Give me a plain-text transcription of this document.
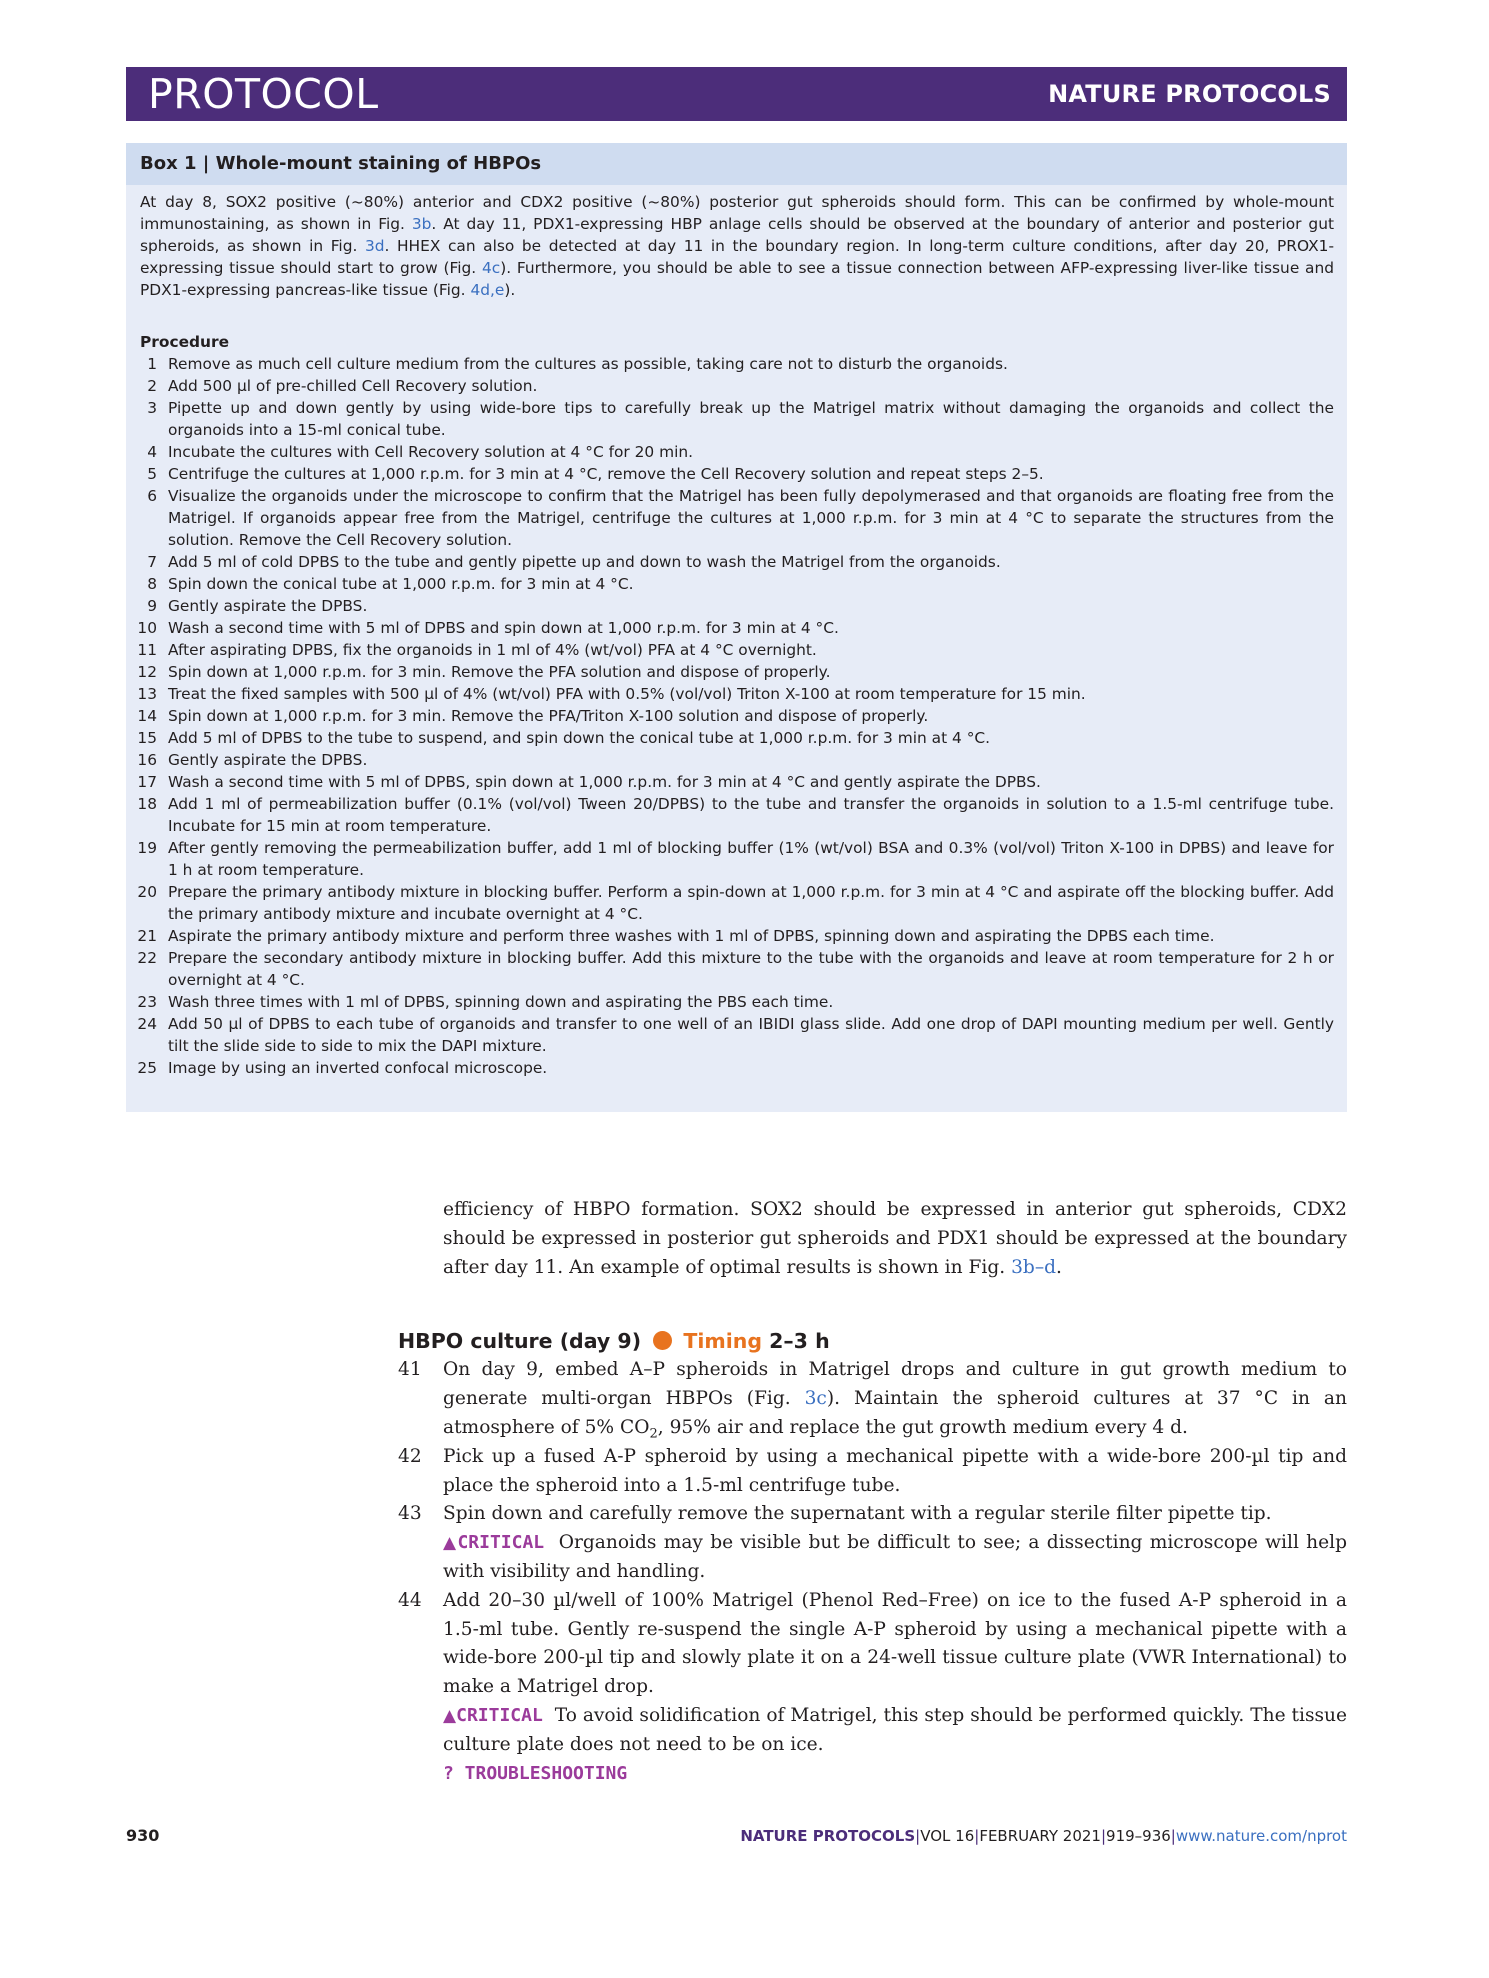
PROTOCOL	NATURE PROTOCOLS
Box 1 | Whole-mount staining of HBPOs
At day 8, SOX2 positive (~80%) anterior and CDX2 positive (~80%) posterior gut spheroids should form. This can be confirmed by whole-mount immunostaining, as shown in Fig. 3b. At day 11, PDX1-expressing HBP anlage cells should be observed at the boundary of anterior and posterior gut spheroids, as shown in Fig. 3d. HHEX can also be detected at day 11 in the boundary region. In long-term culture conditions, after day 20, PROX1-expressing tissue should start to grow (Fig. 4c). Furthermore, you should be able to see a tissue connection between AFP-expressing liver-like tissue and PDX1-expressing pancreas-like tissue (Fig. 4d,e).
Procedure
1 Remove as much cell culture medium from the cultures as possible, taking care not to disturb the organoids.
2 Add 500 µl of pre-chilled Cell Recovery solution.
3 Pipette up and down gently by using wide-bore tips to carefully break up the Matrigel matrix without damaging the organoids and collect the organoids into a 15-ml conical tube.
4 Incubate the cultures with Cell Recovery solution at 4 °C for 20 min.
5 Centrifuge the cultures at 1,000 r.p.m. for 3 min at 4 °C, remove the Cell Recovery solution and repeat steps 2–5.
6 Visualize the organoids under the microscope to confirm that the Matrigel has been fully depolymerased and that organoids are floating free from the Matrigel. If organoids appear free from the Matrigel, centrifuge the cultures at 1,000 r.p.m. for 3 min at 4 °C to separate the structures from the solution. Remove the Cell Recovery solution.
7 Add 5 ml of cold DPBS to the tube and gently pipette up and down to wash the Matrigel from the organoids.
8 Spin down the conical tube at 1,000 r.p.m. for 3 min at 4 °C.
9 Gently aspirate the DPBS.
10 Wash a second time with 5 ml of DPBS and spin down at 1,000 r.p.m. for 3 min at 4 °C.
11 After aspirating DPBS, fix the organoids in 1 ml of 4% (wt/vol) PFA at 4 °C overnight.
12 Spin down at 1,000 r.p.m. for 3 min. Remove the PFA solution and dispose of properly.
13 Treat the fixed samples with 500 µl of 4% (wt/vol) PFA with 0.5% (vol/vol) Triton X-100 at room temperature for 15 min.
14 Spin down at 1,000 r.p.m. for 3 min. Remove the PFA/Triton X-100 solution and dispose of properly.
15 Add 5 ml of DPBS to the tube to suspend, and spin down the conical tube at 1,000 r.p.m. for 3 min at 4 °C.
16 Gently aspirate the DPBS.
17 Wash a second time with 5 ml of DPBS, spin down at 1,000 r.p.m. for 3 min at 4 °C and gently aspirate the DPBS.
18 Add 1 ml of permeabilization buffer (0.1% (vol/vol) Tween 20/DPBS) to the tube and transfer the organoids in solution to a 1.5-ml centrifuge tube. Incubate for 15 min at room temperature.
19 After gently removing the permeabilization buffer, add 1 ml of blocking buffer (1% (wt/vol) BSA and 0.3% (vol/vol) Triton X-100 in DPBS) and leave for 1 h at room temperature.
20 Prepare the primary antibody mixture in blocking buffer. Perform a spin-down at 1,000 r.p.m. for 3 min at 4 °C and aspirate off the blocking buffer. Add the primary antibody mixture and incubate overnight at 4 °C.
21 Aspirate the primary antibody mixture and perform three washes with 1 ml of DPBS, spinning down and aspirating the DPBS each time.
22 Prepare the secondary antibody mixture in blocking buffer. Add this mixture to the tube with the organoids and leave at room temperature for 2 h or overnight at 4 °C.
23 Wash three times with 1 ml of DPBS, spinning down and aspirating the PBS each time.
24 Add 50 µl of DPBS to each tube of organoids and transfer to one well of an IBIDI glass slide. Add one drop of DAPI mounting medium per well. Gently tilt the slide side to side to mix the DAPI mixture.
25 Image by using an inverted confocal microscope.
efficiency of HBPO formation. SOX2 should be expressed in anterior gut spheroids, CDX2 should be expressed in posterior gut spheroids and PDX1 should be expressed at the boundary after day 11. An example of optimal results is shown in Fig. 3b–d.
HBPO culture (day 9) Timing 2–3 h
41 On day 9, embed A–P spheroids in Matrigel drops and culture in gut growth medium to generate multi-organ HBPOs (Fig. 3c). Maintain the spheroid cultures at 37 °C in an atmosphere of 5% $CO_2$, 95% air and replace the gut growth medium every 4 d.
42 Pick up a fused A-P spheroid by using a mechanical pipette with a wide-bore 200-µl tip and place the spheroid into a 1.5-ml centrifuge tube.
43 Spin down and carefully remove the supernatant with a regular sterile filter pipette tip.
▲CRITICAL Organoids may be visible but be difficult to see; a dissecting microscope will help with visibility and handling.
44 Add 20–30 µl/well of 100% Matrigel (Phenol Red–Free) on ice to the fused A-P spheroid in a 1.5-ml tube. Gently re-suspend the single A-P spheroid by using a mechanical pipette with a wide-bore 200-µl tip and slowly plate it on a 24-well tissue culture plate (VWR International) to make a Matrigel drop.
▲CRITICAL To avoid solidification of Matrigel, this step should be performed quickly. The tissue culture plate does not need to be on ice.
? TROUBLESHOOTING
930	NATURE PROTOCOLS|VOL 16|FEBRUARY 2021|919–936|www.nature.com/nprot
